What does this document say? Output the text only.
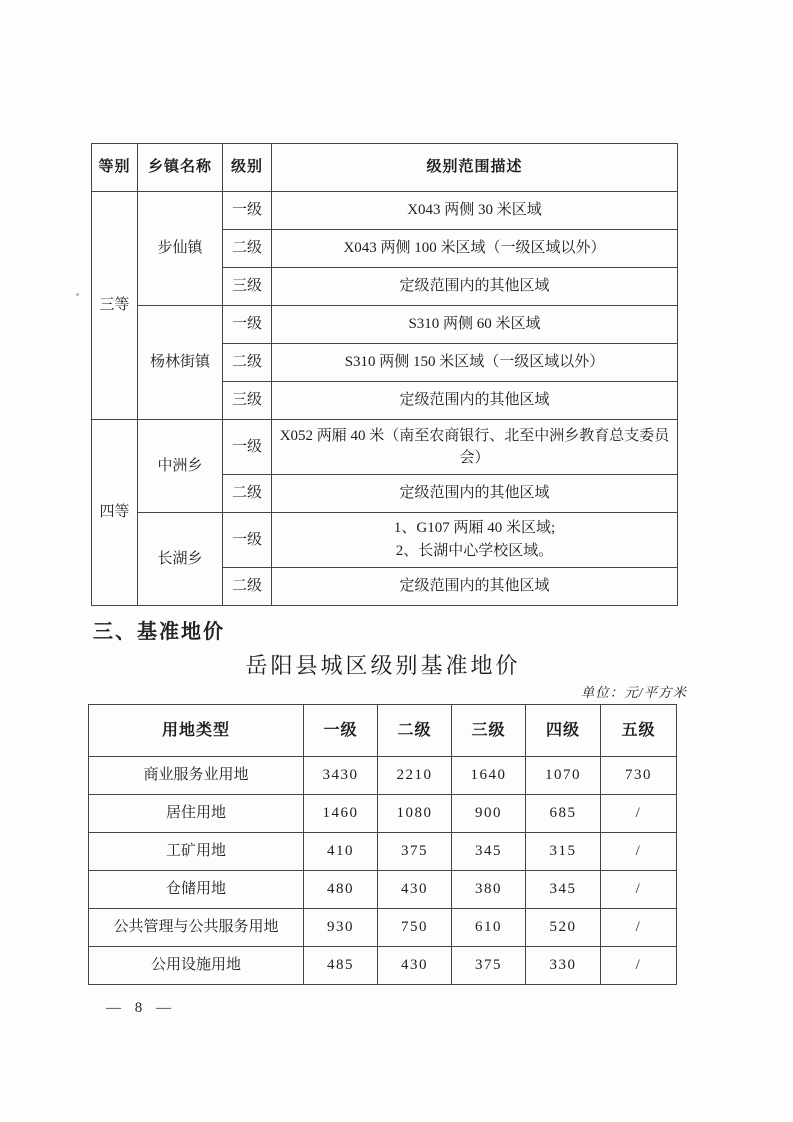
等别	乡镇名称	级别	级别范围描述
三等	步仙镇	一级	X043 两侧 30 米区域
		二级	X043 两侧 100 米区域（一级区域以外）
		三级	定级范围内的其他区域
	杨林街镇	一级	S310 两侧 60 米区域
		二级	S310 两侧 150 米区域（一级区域以外）
		三级	定级范围内的其他区域
四等	中洲乡	一级	X052 两厢 40 米（南至农商银行、北至中洲乡教育总支委员会）
		二级	定级范围内的其他区域
	长湖乡	一级	1、G107 两厢 40 米区域;
2、长湖中心学校区域。

		二级	定级范围内的其他区域
三、基准地价
岳阳县城区级别基准地价
单位：元/平方米
用地类型	一级	二级	三级	四级	五级
商业服务业用地	3430	2210	1640	1070	730
居住用地	1460	1080	900	685	/
工矿用地	410	375	345	315	/
仓储用地	480	430	380	345	/
公共管理与公共服务用地	930	750	610	520	/
公用设施用地	485	430	375	330	/
— 8 —
